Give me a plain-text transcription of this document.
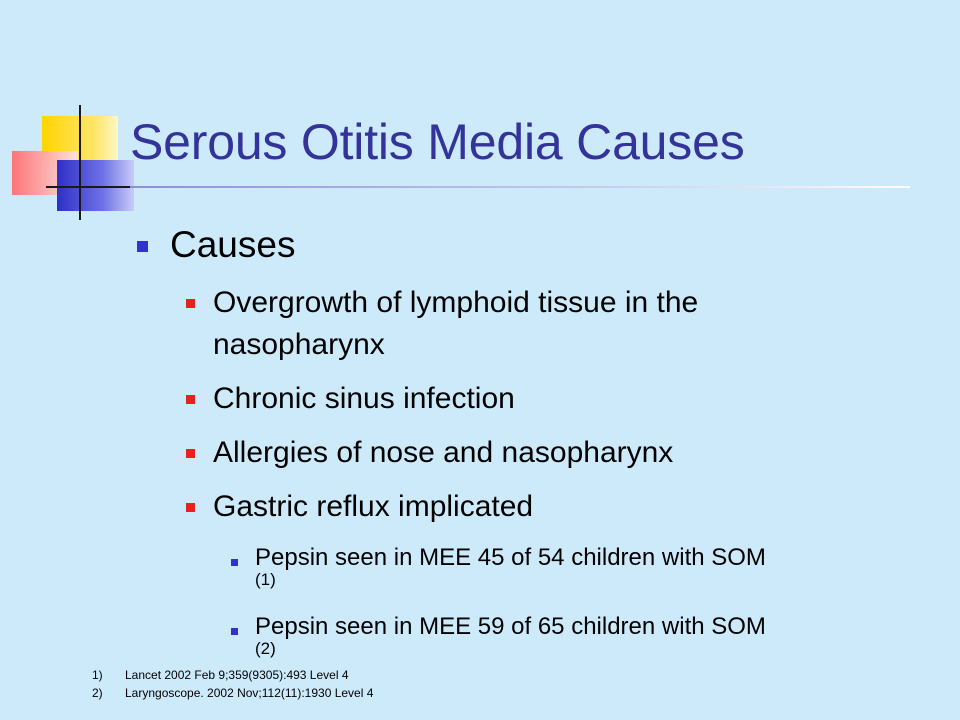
Serous Otitis Media Causes
Causes
Overgrowth of lymphoid tissue in the nasopharynx
Chronic sinus infection
Allergies of nose and nasopharynx
Gastric reflux implicated
Pepsin seen in MEE 45 of 54 children with SOM
(1)
Pepsin seen in MEE 59 of 65 children with SOM
(2)
1) Lancet 2002 Feb 9;359(9305):493 Level 4
2) Laryngoscope. 2002 Nov;112(11):1930 Level 4
